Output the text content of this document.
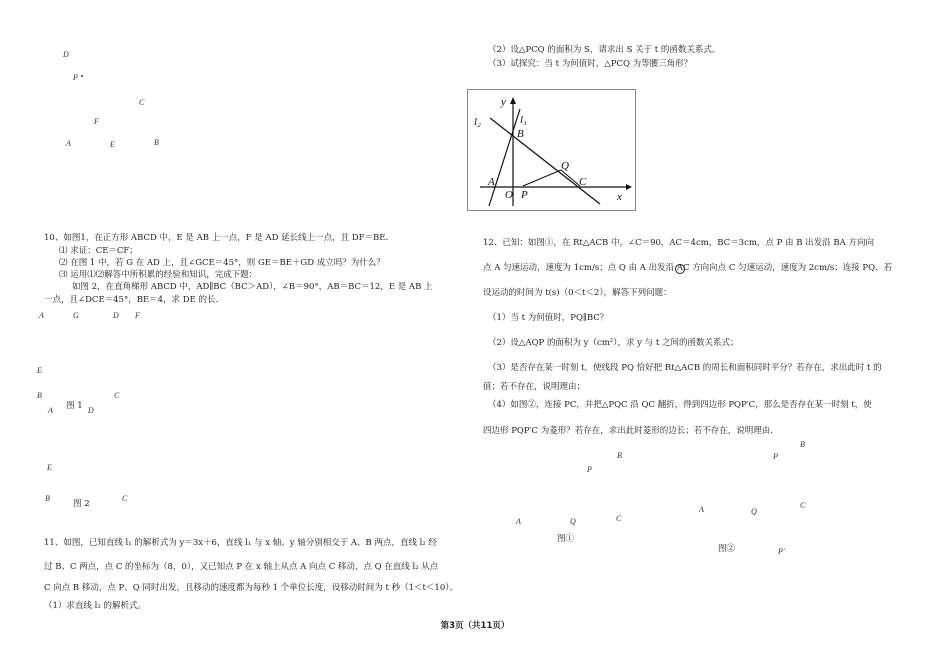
D
P
C
F
A	E	B
10、如图1，在正方形 ABCD 中，E 是 AB 上一点，F 是 AD 延长线上一点，且 DF＝BE．
⑴ 求证：CE＝CF；
⑵ 在图 1 中，若 G 在 AD 上，且∠GCE＝45°，则 GE＝BE＋GD 成立吗？为什么？
⑶ 运用⑴⑵解答中所积累的经验和知识，完成下题：
如图 2，在直角梯形 ABCD 中，AD∥BC（BC＞AD），∠B＝90°，AB＝BC＝12，E 是 AB 上
一点，且∠DCE＝45°，BE＝4，求 DE 的长.
A	G	D F
E
B	C
图 1
A	D
E
B
图 2
C
11、如图，已知直线 l₁ 的解析式为 y＝3x＋6，直线 l₁ 与 x 轴、y 轴分别相交于 A、B 两点，直线 l₂ 经
过 B、C 两点，点 C 的坐标为（8，0），又已知点 P 在 x 轴上从点 A 向点 C 移动，点 Q 在直线 l₂ 从点
C 向点 B 移动，点 P、Q 同时出发，且移动的速度都为每秒 1 个单位长度，设移动时间为 t 秒（1＜t＜10）。
（1）求直线 l₂ 的解析式。
（2）设△PCQ 的面积为 S，请求出 S 关于 t 的函数关系式。
（3）试探究：当 t 为何值时，△PCQ 为等腰三角形？
y
x
l₂	l₁
B
Q
A
O P
C
12、已知：如图①，在 Rt△ACB 中，∠C＝90，AC＝4cm，BC＝3cm，点 P 由 B 出发沿 BA 方向向
点 A 匀速运动，速度为 1cm/s；点 Q 由 A 出发沿 AC 方向向点 C 匀速运动，速度为 2cm/s；连接 PQ．若
设运动的时间为 t(s)（0＜t＜2），解答下列问题：
（1）当 t 为何值时，PQ∥BC？
（2）设△AQP 的面积为 y（cm²），求 y 与 t 之间的函数关系式；
（3）是否存在某一时刻 t，使线段 PQ 恰好把 Rt△ACB 的周长和面积同时平分？若存在，求出此时 t 的
值；若不存在，说明理由；
（4）如图②，连接 PC，并把△PQC 沿 QC 翻折，得到四边形 PQP′C，那么是否存在某一时刻 t，使
四边形 PQP′C 为菱形？若存在，求出此时菱形的边长；若不存在，说明理由.
B
P
A	Q	C
图①
B
P
A	Q
C
图②	P′
第3页（共11页）
